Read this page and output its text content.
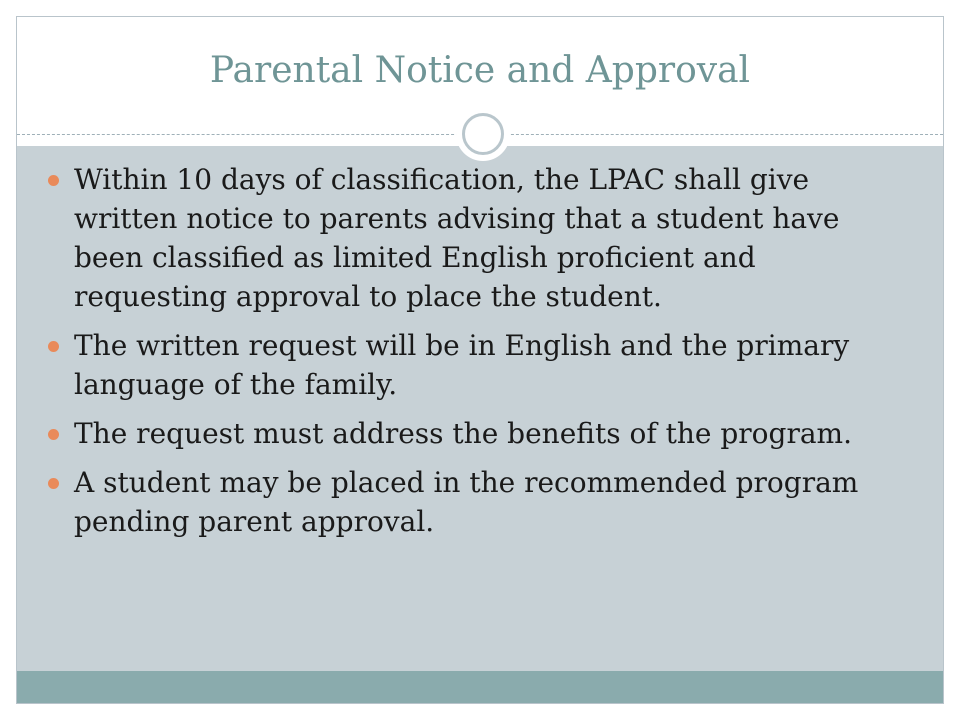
Parental Notice and Approval
Within 10 days of classification, the LPAC shall give written notice to parents advising that a student have been classified as limited English proficient and requesting approval to place the student.
The written request will be in English and the primary language of the family.
The request must address the benefits of the program.
A student may be placed in the recommended program pending parent approval.
